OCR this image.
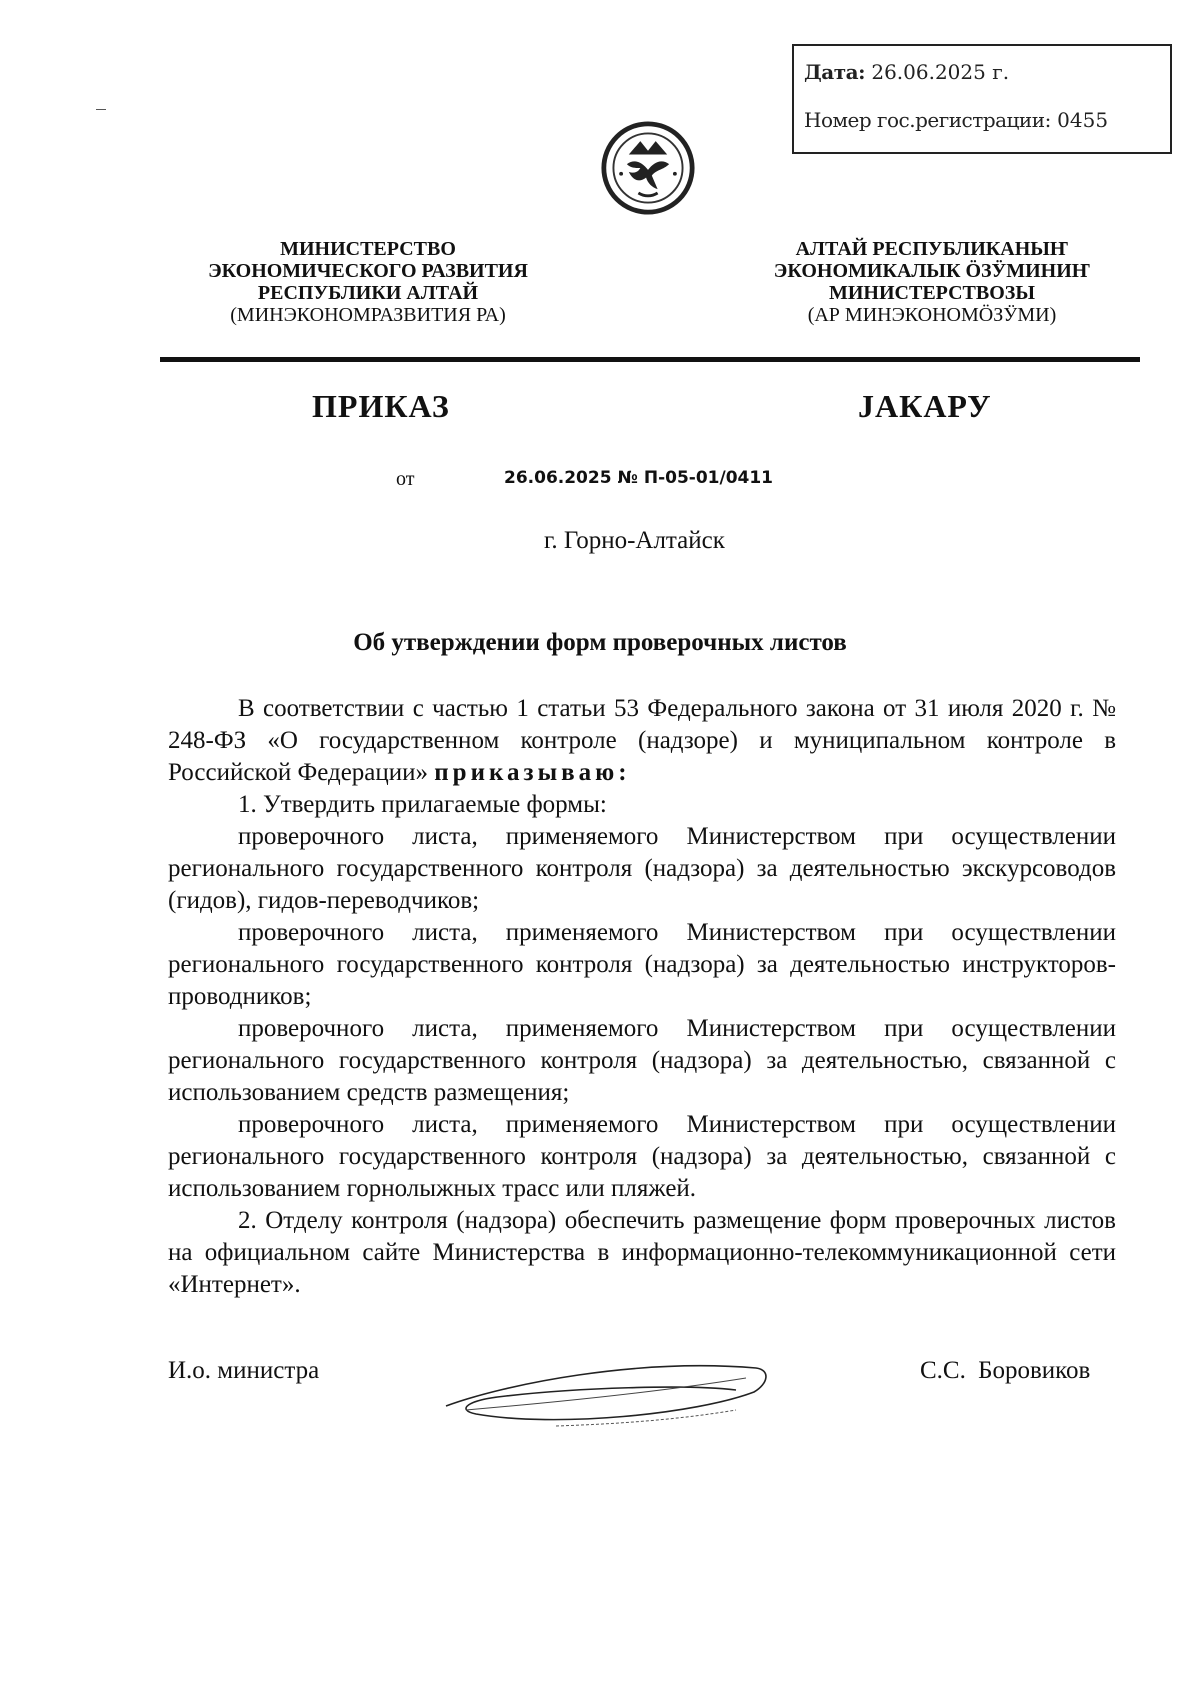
Дата: 26.06.2025 г.
Номер гос.регистрации: 0455
МИНИСТЕРСТВО
ЭКОНОМИЧЕСКОГО РАЗВИТИЯ
РЕСПУБЛИКИ АЛТАЙ
(МИНЭКОНОМРАЗВИТИЯ РА)
АЛТАЙ РЕСПУБЛИКАНЫҤ
ЭКОНОМИКАЛЫК ӦЗӰМИНИҤ
МИНИСТЕРСТВОЗЫ
(АР МИНЭКОНОМӦЗӰМИ)
ПРИКАЗ	ЈАКАРУ
от	26.06.2025 № П-05-01/0411
г. Горно-Алтайск
Об утверждении форм проверочных листов

В соответствии с частью 1 статьи 53 Федерального закона от 31 июля 2020 г. № 248-ФЗ «О государственном контроле (надзоре) и муниципальном контроле в Российской Федерации» приказываю:

1. Утвердить прилагаемые формы:

проверочного листа, применяемого Министерством при осуществлении регионального государственного контроля (надзора) за деятельностью экскурсоводов (гидов), гидов-переводчиков;

проверочного листа, применяемого Министерством при осуществлении регионального государственного контроля (надзора) за деятельностью инструкторов-проводников;

проверочного листа, применяемого Министерством при осуществлении регионального государственного контроля (надзора) за деятельностью, связанной с использованием средств размещения;

проверочного листа, применяемого Министерством при осуществлении регионального государственного контроля (надзора) за деятельностью, связанной с использованием горнолыжных трасс или пляжей.

2. Отделу контроля (надзора) обеспечить размещение форм проверочных листов на официальном сайте Министерства в информационно-телекоммуникационной сети «Интернет».

И.о. министра	С.С. Боровиков
